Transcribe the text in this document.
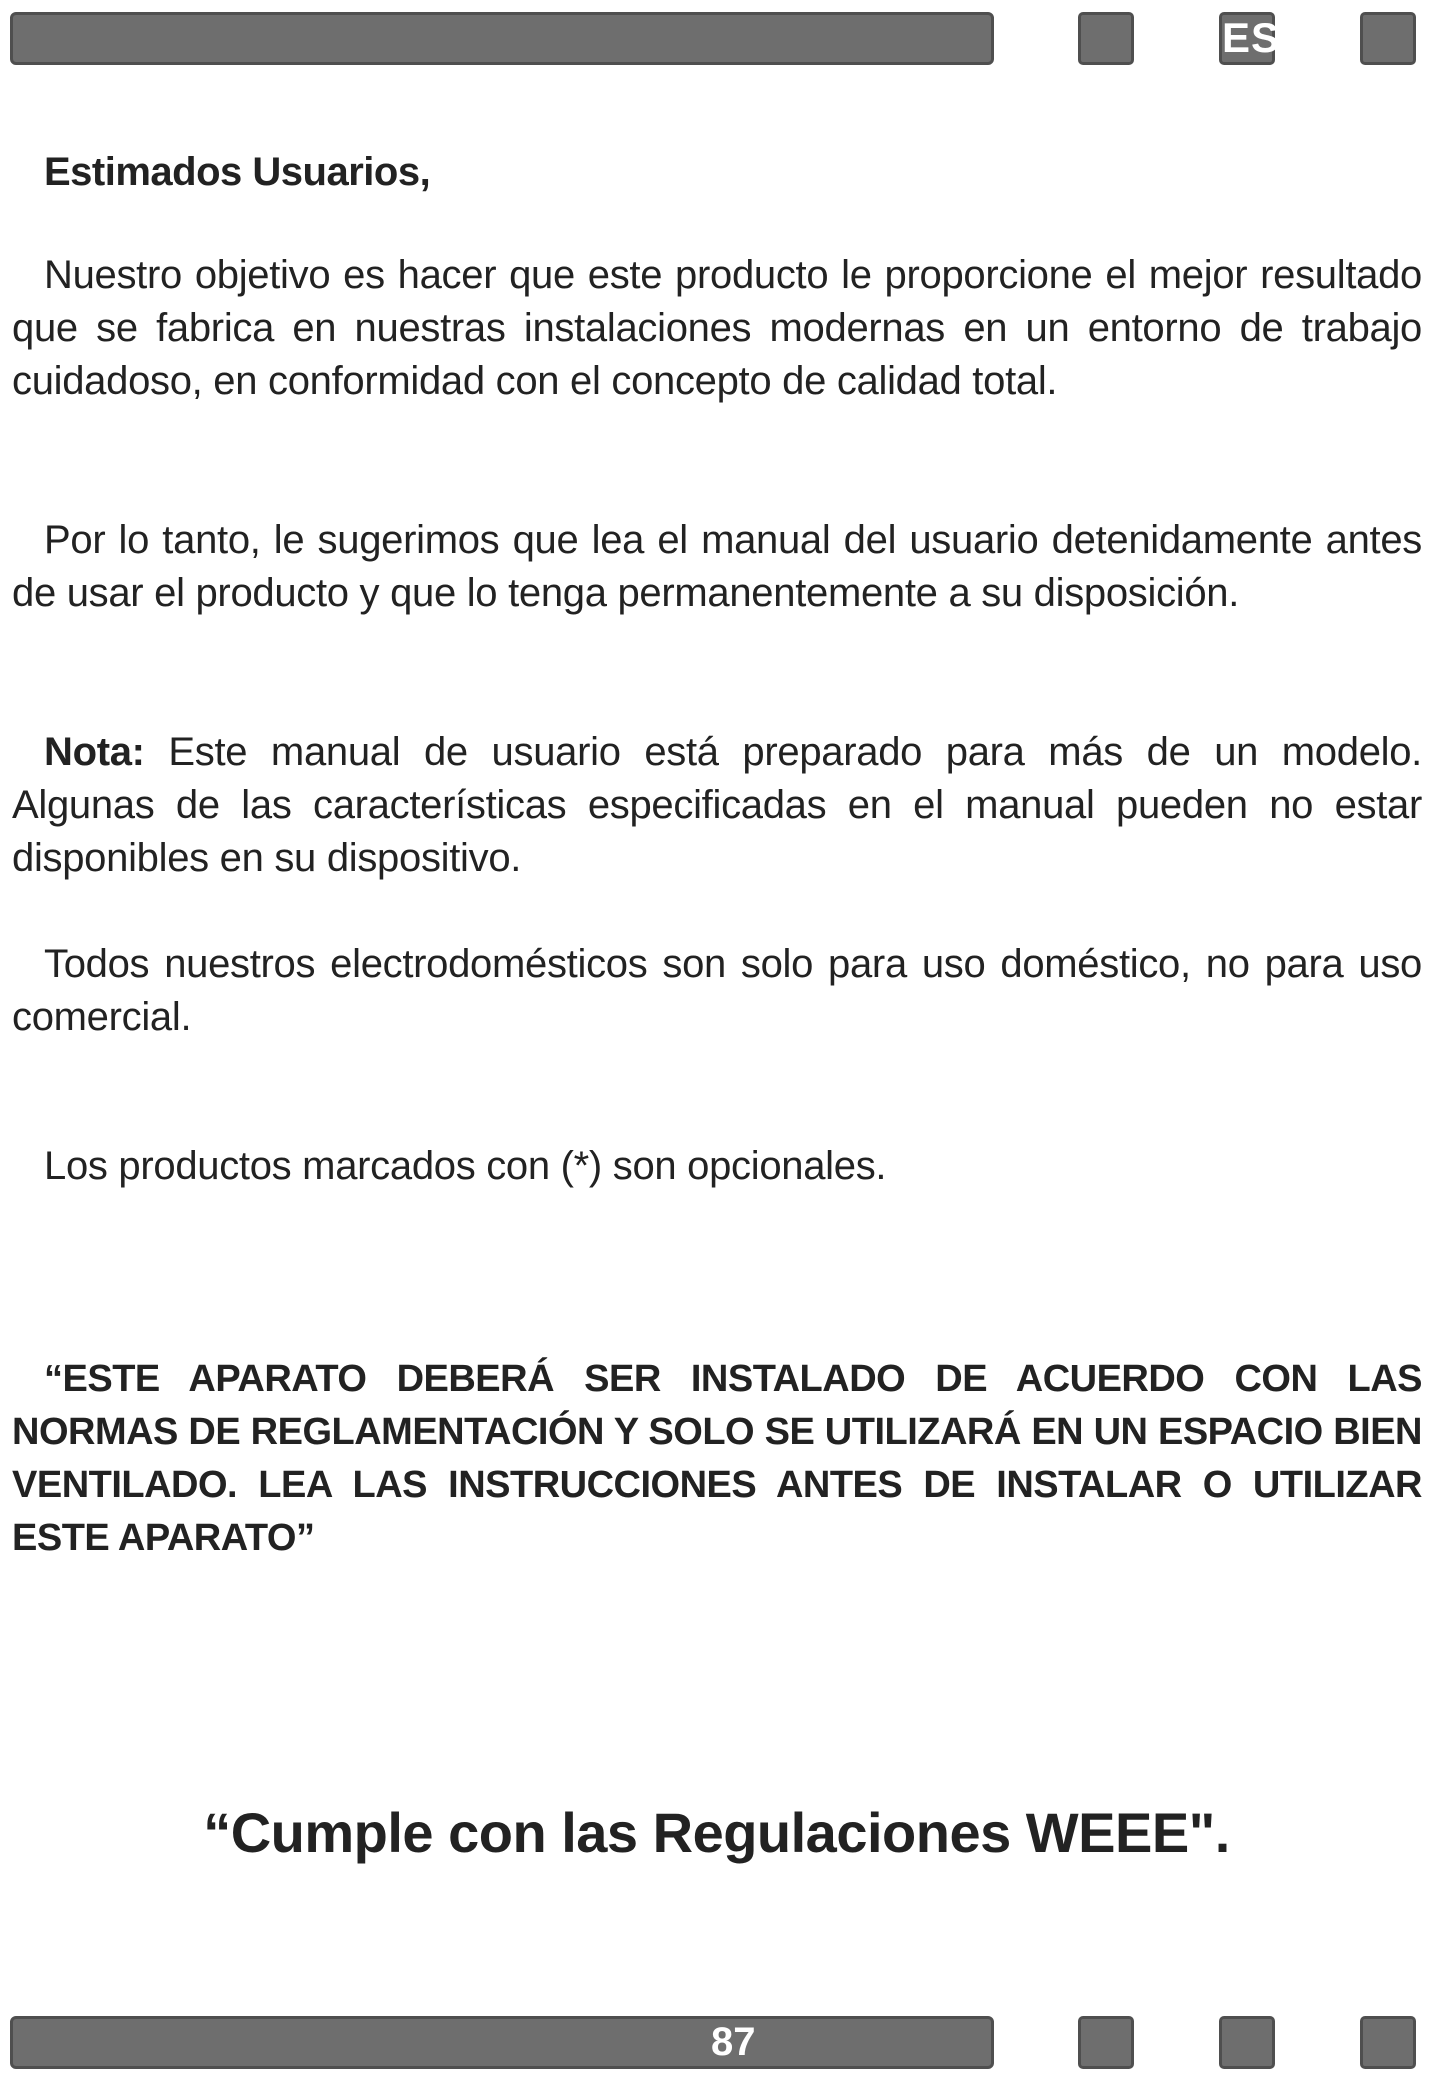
ES
Estimados Usuarios,

Nuestro objetivo es hacer que este producto le proporcione el mejor resultado que se fabrica en nuestras instalaciones modernas en un entorno de trabajo cuidadoso, en conformidad con el concepto de calidad total.

Por lo tanto, le sugerimos que lea el manual del usuario detenidamente antes de usar el producto y que lo tenga permanentemente a su disposición.

Nota: Este manual de usuario está preparado para más de un modelo. Algunas de las características especificadas en el manual pueden no estar disponibles en su dispositivo.

Todos nuestros electrodomésticos son solo para uso doméstico, no para uso comercial.

Los productos marcados con (*) son opcionales.

“ESTE APARATO DEBERÁ SER INSTALADO DE ACUERDO CON LAS NORMAS DE REGLAMENTACIÓN Y SOLO SE UTILIZARÁ EN UN ESPACIO BIEN VENTILADO. LEA LAS INSTRUCCIONES ANTES DE INSTALAR O UTILIZAR ESTE APARATO”

“Cumple con las Regulaciones WEEE".
87
